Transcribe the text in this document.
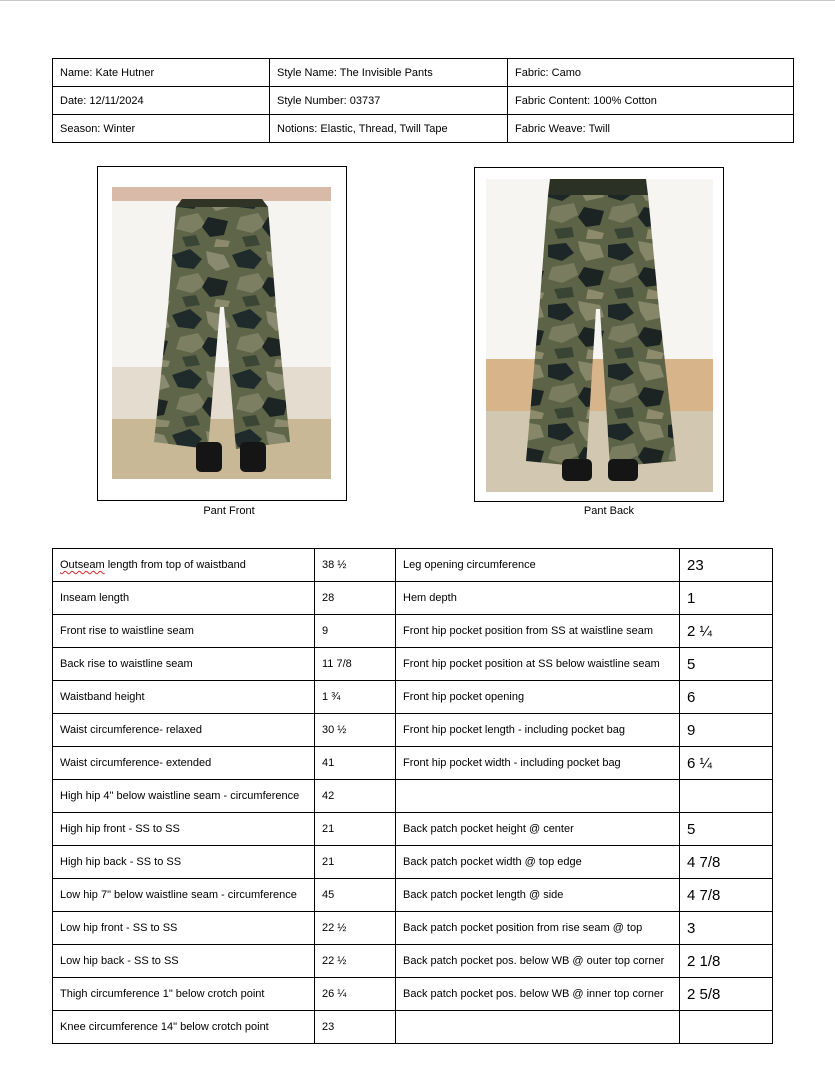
Name: Kate Hutner	Style Name: The Invisible Pants	Fabric: Camo
Date: 12/11/2024	Style Number: 03737	Fabric Content: 100% Cotton
Season: Winter	Notions: Elastic, Thread, Twill Tape	Fabric Weave: Twill
Pant Front	Pant Back
Outseam length from top of waistband	38 ½	Leg opening circumference	23
Inseam length	28	Hem depth	1
Front rise to waistline seam	9	Front hip pocket position from SS at waistline seam	2 ¼
Back rise to waistline seam	11 7/8	Front hip pocket position at SS below waistline seam	5
Waistband height	1 ¾	Front hip pocket opening	6
Waist circumference- relaxed	30 ½	Front hip pocket length - including pocket bag	9
Waist circumference- extended	41	Front hip pocket width - including pocket bag	6 ¼
High hip 4" below waistline seam - circumference	42		
High hip front - SS to SS	21	Back patch pocket height @ center	5
High hip back - SS to SS	21	Back patch pocket width @ top edge	4 7/8
Low hip 7" below waistline seam - circumference	45	Back patch pocket length @ side	4 7/8
Low hip front - SS to SS	22 ½	Back patch pocket position from rise seam @ top	3
Low hip back - SS to SS	22 ½	Back patch pocket pos. below WB @ outer top corner	2 1/8
Thigh circumference 1" below crotch point	26 ¼	Back patch pocket pos. below WB @ inner top corner	2 5/8
Knee circumference 14" below crotch point	23		
